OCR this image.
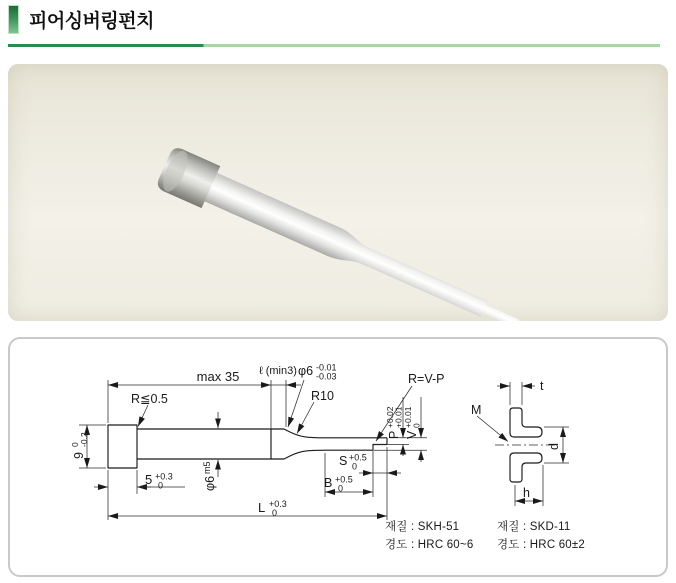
피어싱버링펀치
max 35 ℓ (min3) φ6 -0.01
-0.03
R10
R=V-P
R≦0.5
9
0 -0.2
5 +0.3
0	φ6
m5
P
+0.02
+0.01
V
+0.01
0
S +0.5
0
B +0.5
0
L +0.3
0
t
M
d
h
재질 : SKH-51
경도 : HRC 60~6
재질 : SKD-11
경도 : HRC 60±2
